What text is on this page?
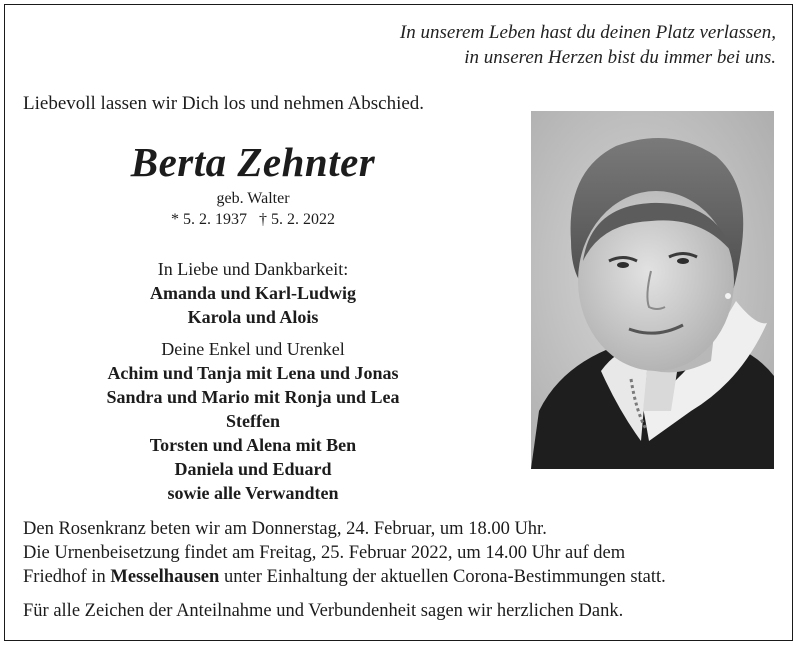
In unserem Leben hast du deinen Platz verlassen,
in unseren Herzen bist du immer bei uns.
Liebevoll lassen wir Dich los und nehmen Abschied.
Berta Zehnter
geb. Walter
* 5. 2. 1937 † 5. 2. 2022
In Liebe und Dankbarkeit:
Amanda und Karl-Ludwig
Karola und Alois
Deine Enkel und Urenkel
Achim und Tanja mit Lena und Jonas
Sandra und Mario mit Ronja und Lea
Steffen
Torsten und Alena mit Ben
Daniela und Eduard
sowie alle Verwandten

Den Rosenkranz beten wir am Donnerstag, 24. Februar, um 18.00 Uhr.

Die Urnenbeisetzung findet am Freitag, 25. Februar 2022, um 14.00 Uhr auf dem

Friedhof in Messelhausen unter Einhaltung der aktuellen Corona-Bestimmungen statt.

Für alle Zeichen der Anteilnahme und Verbundenheit sagen wir herzlichen Dank.
